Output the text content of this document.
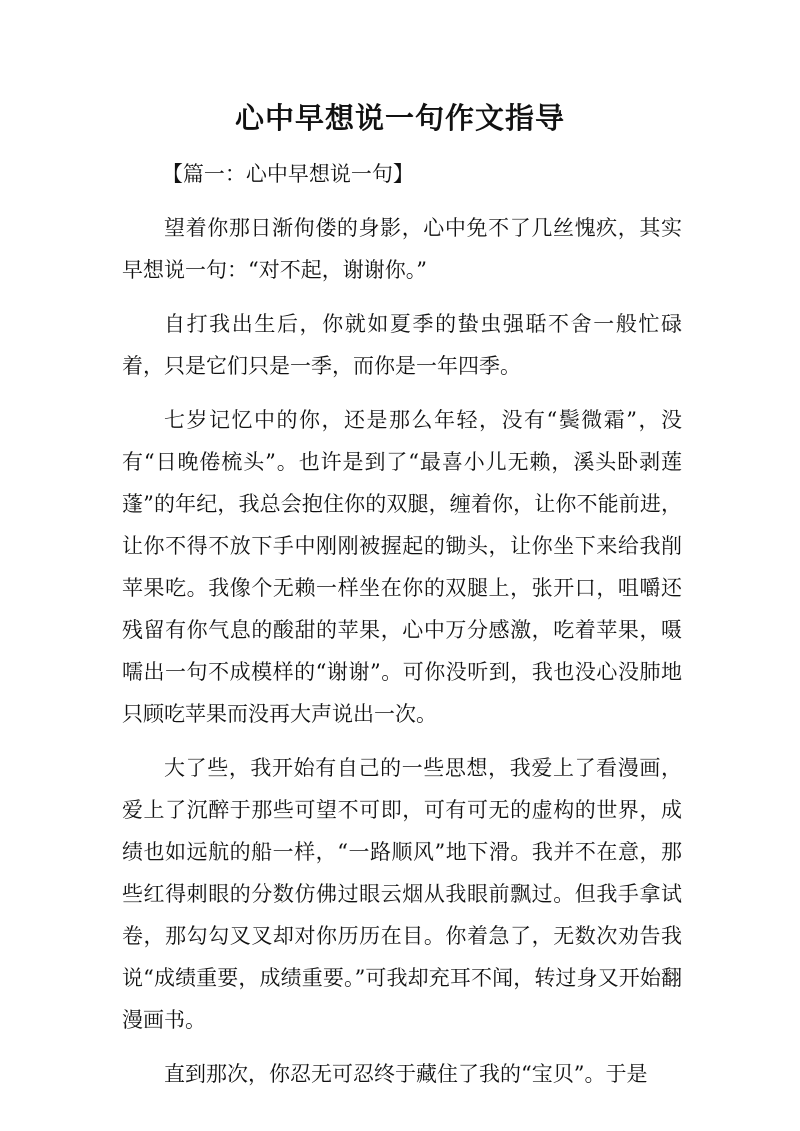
心中早想说一句作文指导

【篇一：心中早想说一句】

望着你那日渐佝偻的身影，心中免不了几丝愧疚，其实早想说一句：“对不起，谢谢你。”

自打我出生后，你就如夏季的蛰虫强聒不舍一般忙碌着，只是它们只是一季，而你是一年四季。

七岁记忆中的你，还是那么年轻，没有“鬓微霜”，没有“日晚倦梳头”。也许是到了“最喜小儿无赖，溪头卧剥莲蓬”的年纪，我总会抱住你的双腿，缠着你，让你不能前进，让你不得不放下手中刚刚被握起的锄头，让你坐下来给我削苹果吃。我像个无赖一样坐在你的双腿上，张开口，咀嚼还残留有你气息的酸甜的苹果，心中万分感激，吃着苹果，嗫嚅出一句不成模样的“谢谢”。可你没听到，我也没心没肺地只顾吃苹果而没再大声说出一次。

大了些，我开始有自己的一些思想，我爱上了看漫画，爱上了沉醉于那些可望不可即，可有可无的虚构的世界，成绩也如远航的船一样，“一路顺风”地下滑。我并不在意，那些红得刺眼的分数仿佛过眼云烟从我眼前飘过。但我手拿试卷，那勾勾叉叉却对你历历在目。你着急了，无数次劝告我说“成绩重要，成绩重要。”可我却充耳不闻，转过身又开始翻漫画书。

直到那次，你忍无可忍终于藏住了我的“宝贝”。于是
